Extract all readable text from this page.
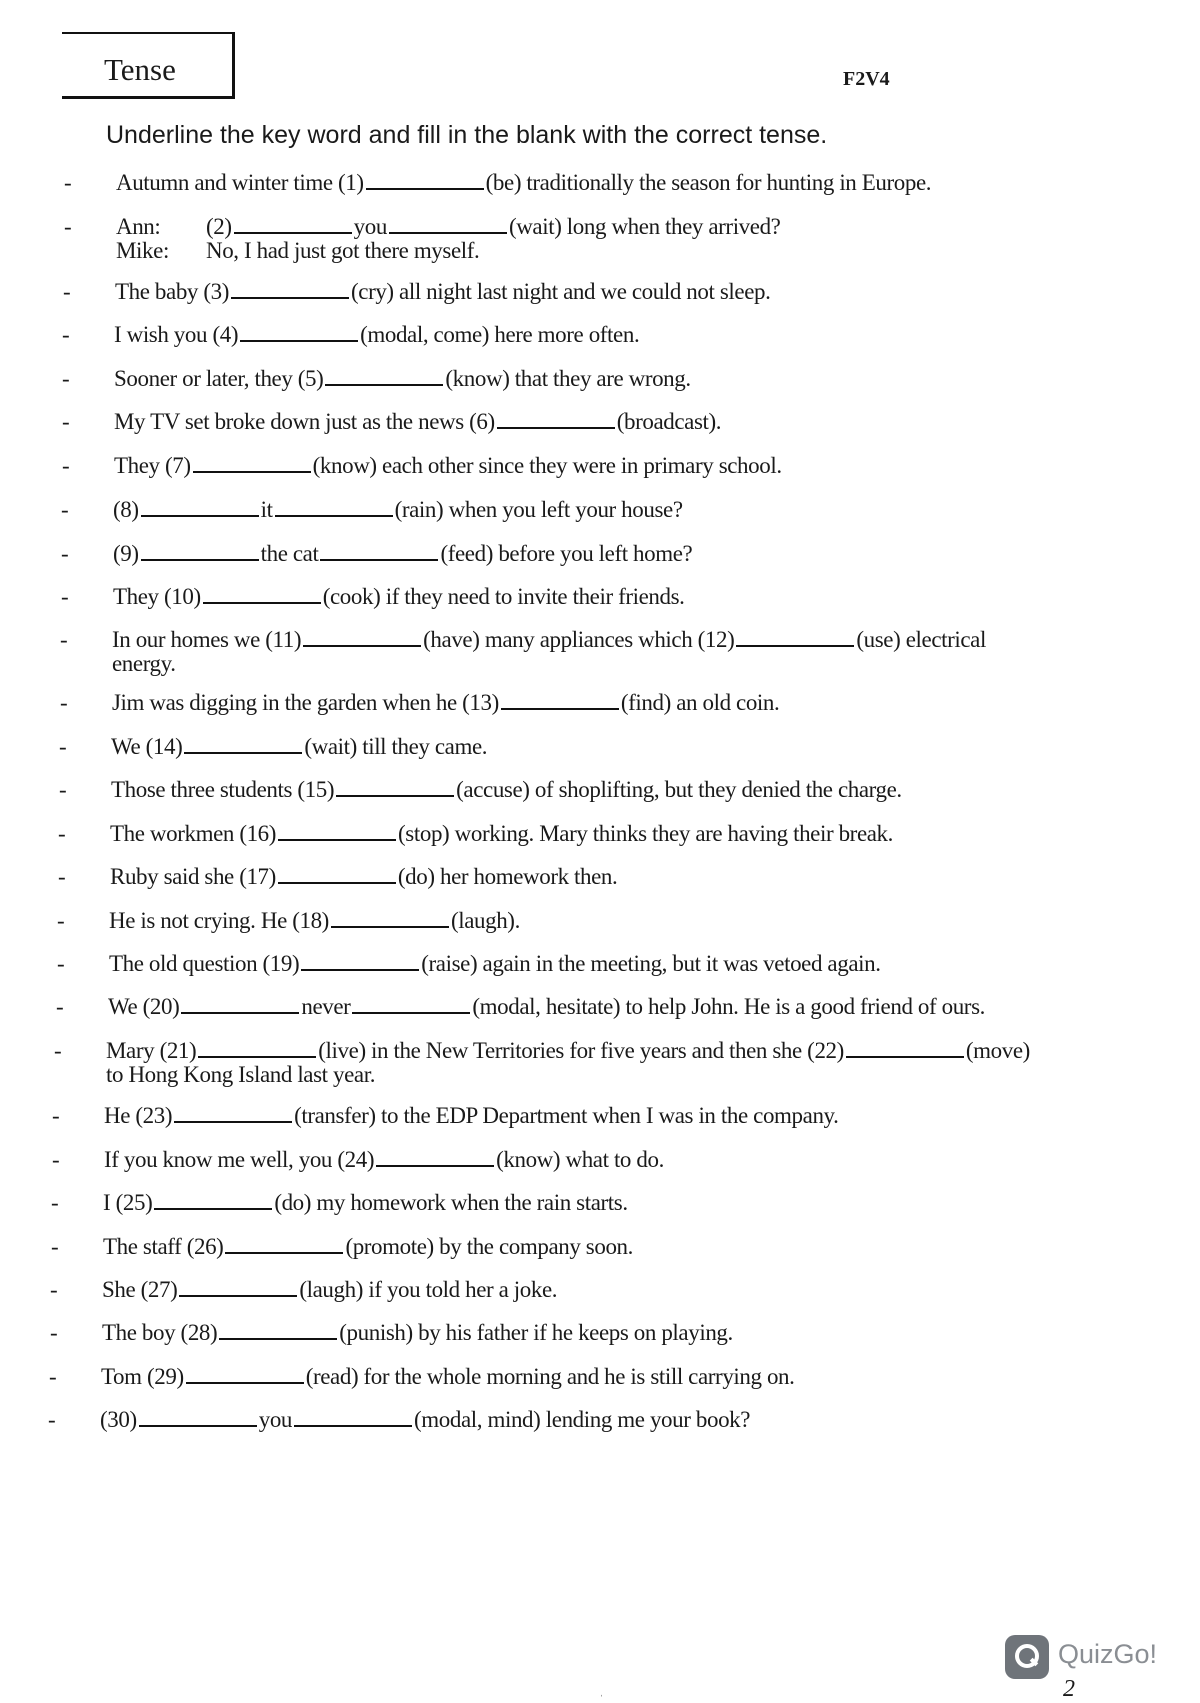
Tense	F2V4
Underline the key word and fill in the blank with the correct tense.
- Autumn and winter time (1)	(be) traditionally the season for hunting in Europe.
- Ann: (2)	you	(wait) long when they arrived?
Mike: No, I had just got there myself.
- The baby (3)	(cry) all night last night and we could not sleep.
- I wish you (4)	(modal, come) here more often.
- Sooner or later, they (5)	(know) that they are wrong.
- My TV set broke down just as the news (6)	(broadcast).
- They (7)	(know) each other since they were in primary school.
- (8)	it	(rain) when you left your house?
- (9)	the cat	(feed) before you left home?
- They (10)	(cook) if they need to invite their friends.
- In our homes we (11)	(have) many appliances which (12)	(use) electrical
energy.
- Jim was digging in the garden when he (13)	(find) an old coin.
- We (14)	(wait) till they came.
- Those three students (15)	(accuse) of shoplifting, but they denied the charge.
- The workmen (16)	(stop) working. Mary thinks they are having their break.
- Ruby said she (17)	(do) her homework then.
- He is not crying. He (18)	(laugh).
- The old question (19)	(raise) again in the meeting, but it was vetoed again.
- We (20)	never	(modal, hesitate) to help John. He is a good friend of ours.
- Mary (21)	(live) in the New Territories for five years and then she (22)	(move)
to Hong Kong Island last year.
- He (23)	(transfer) to the EDP Department when I was in the company.
- If you know me well, you (24)	(know) what to do.
- I (25)	(do) my homework when the rain starts.
- The staff (26)	(promote) by the company soon.
- She (27)	(laugh) if you told her a joke.
- The boy (28)	(punish) by his father if he keeps on playing.
- Tom (29)	(read) for the whole morning and he is still carrying on.
- (30)	you	(modal, mind) lending me your book?
QuizGo!
2
ˌ
